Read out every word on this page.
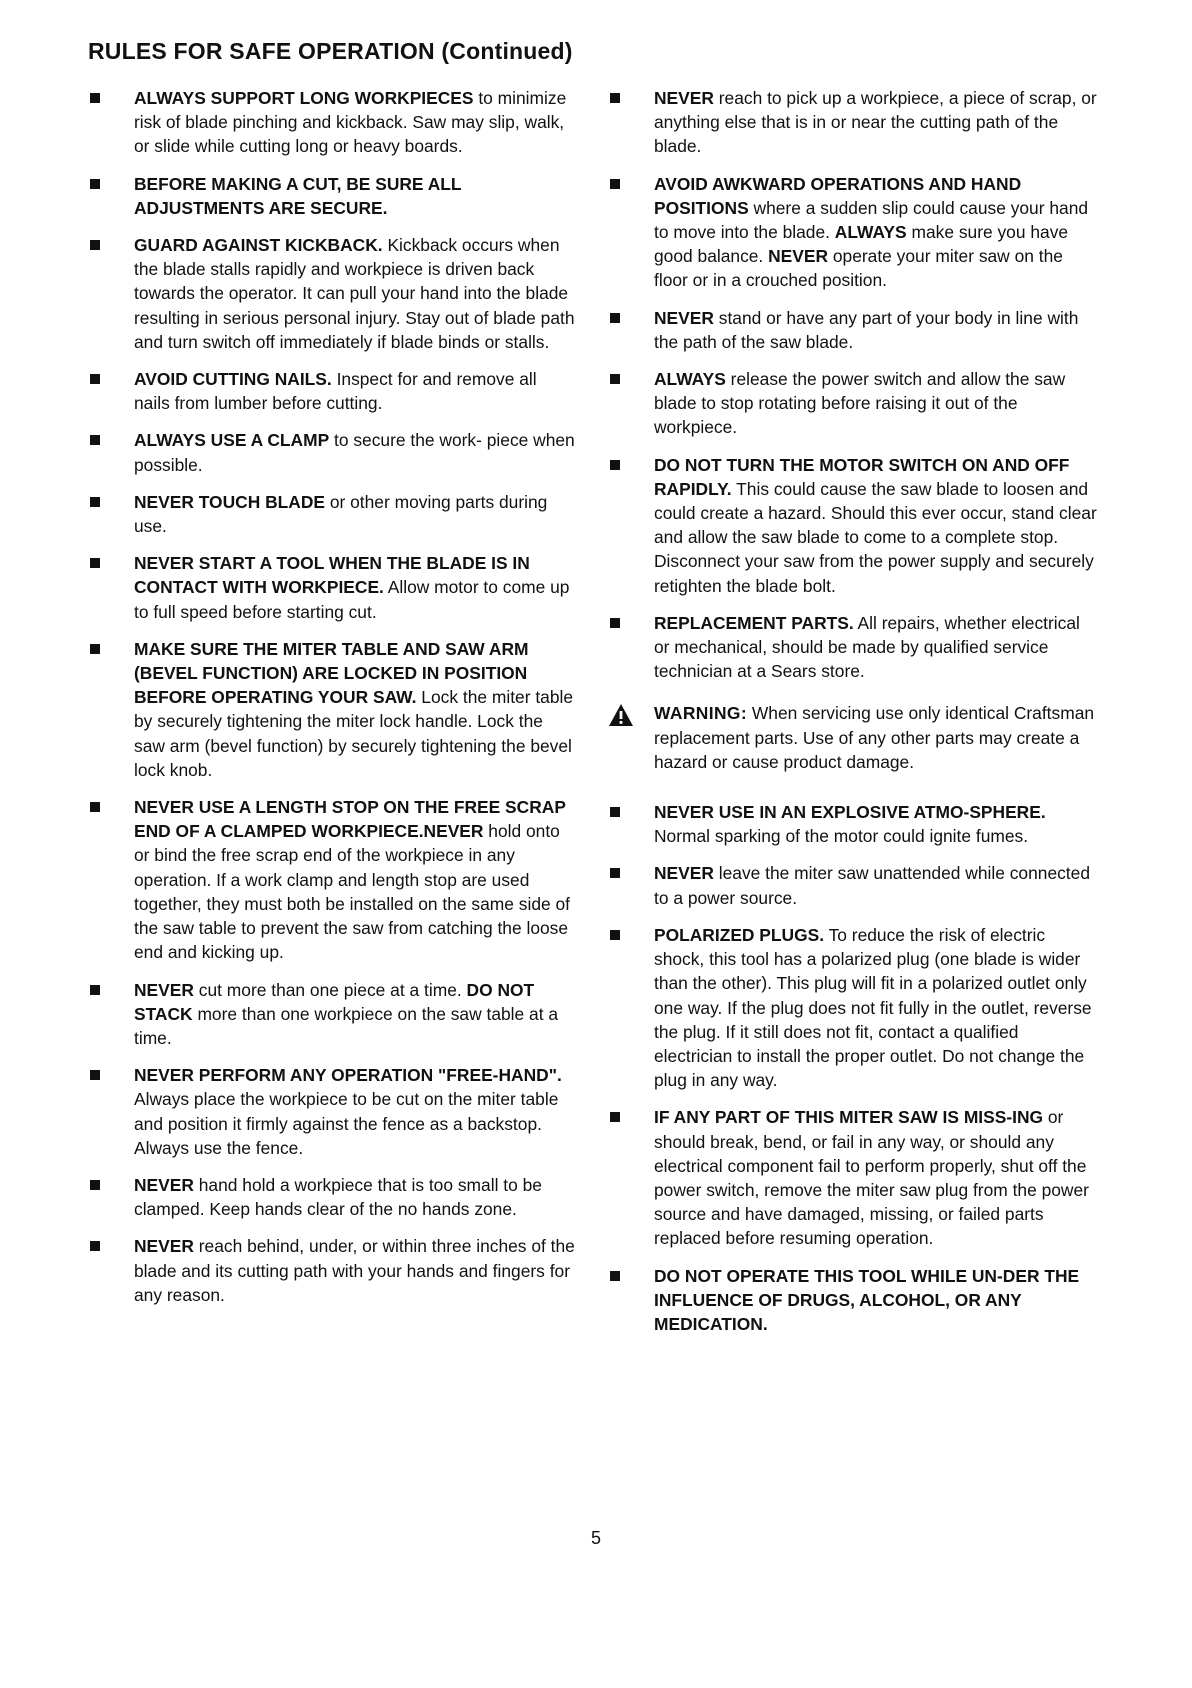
RULES FOR SAFE OPERATION (Continued)

ALWAYS SUPPORT LONG WORKPIECES to minimize risk of blade pinching and kickback. Saw may slip, walk, or slide while cutting long or heavy boards.

BEFORE MAKING A CUT, BE SURE ALL ADJUSTMENTS ARE SECURE.

GUARD AGAINST KICKBACK. Kickback occurs when the blade stalls rapidly and workpiece is driven back towards the operator. It can pull your hand into the blade resulting in serious personal injury. Stay out of blade path and turn switch off immediately if blade binds or stalls.

AVOID CUTTING NAILS. Inspect for and remove all nails from lumber before cutting.

ALWAYS USE A CLAMP to secure the work- piece when possible.

NEVER TOUCH BLADE or other moving parts during use.

NEVER START A TOOL WHEN THE BLADE IS IN CONTACT WITH WORKPIECE. Allow motor to come up to full speed before starting cut.

MAKE SURE THE MITER TABLE AND SAW ARM (BEVEL FUNCTION) ARE LOCKED IN POSITION BEFORE OPERATING YOUR SAW. Lock the miter table by securely tightening the miter lock handle. Lock the saw arm (bevel function) by securely tightening the bevel lock knob.

NEVER USE A LENGTH STOP ON THE FREE SCRAP END OF A CLAMPED WORKPIECE.NEVER hold onto or bind the free scrap end of the workpiece in any operation. If a work clamp and length stop are used together, they must both be installed on the same side of the saw table to prevent the saw from catching the loose end and kicking up.

NEVER cut more than one piece at a time. DO NOT STACK more than one workpiece on the saw table at a time.

NEVER PERFORM ANY OPERATION "FREE-HAND". Always place the workpiece to be cut on the miter table and position it firmly against the fence as a backstop. Always use the fence.

NEVER hand hold a workpiece that is too small to be clamped. Keep hands clear of the no hands zone.

NEVER reach behind, under, or within three inches of the blade and its cutting path with your hands and fingers for any reason.

NEVER reach to pick up a workpiece, a piece of scrap, or anything else that is in or near the cutting path of the blade.

AVOID AWKWARD OPERATIONS AND HAND POSITIONS where a sudden slip could cause your hand to move into the blade. ALWAYS make sure you have good balance. NEVER operate your miter saw on the floor or in a crouched position.

NEVER stand or have any part of your body in line with the path of the saw blade.

ALWAYS release the power switch and allow the saw blade to stop rotating before raising it out of the workpiece.

DO NOT TURN THE MOTOR SWITCH ON AND OFF RAPIDLY. This could cause the saw blade to loosen and could create a hazard. Should this ever occur, stand clear and allow the saw blade to come to a complete stop. Disconnect your saw from the power supply and securely retighten the blade bolt.

REPLACEMENT PARTS. All repairs, whether electrical or mechanical, should be made by qualified service technician at a Sears store.

WARNING: When servicing use only identical Craftsman replacement parts. Use of any other parts may create a hazard or cause product damage.

NEVER USE IN AN EXPLOSIVE ATMO-SPHERE. Normal sparking of the motor could ignite fumes.

NEVER leave the miter saw unattended while connected to a power source.

POLARIZED PLUGS. To reduce the risk of electric shock, this tool has a polarized plug (one blade is wider than the other). This plug will fit in a polarized outlet only one way. If the plug does not fit fully in the outlet, reverse the plug. If it still does not fit, contact a qualified electrician to install the proper outlet. Do not change the plug in any way.

IF ANY PART OF THIS MITER SAW IS MISS-ING or should break, bend, or fail in any way, or should any electrical component fail to perform properly, shut off the power switch, remove the miter saw plug from the power source and have damaged, missing, or failed parts replaced before resuming operation.

DO NOT OPERATE THIS TOOL WHILE UN-DER THE INFLUENCE OF DRUGS, ALCOHOL, OR ANY MEDICATION.

5
